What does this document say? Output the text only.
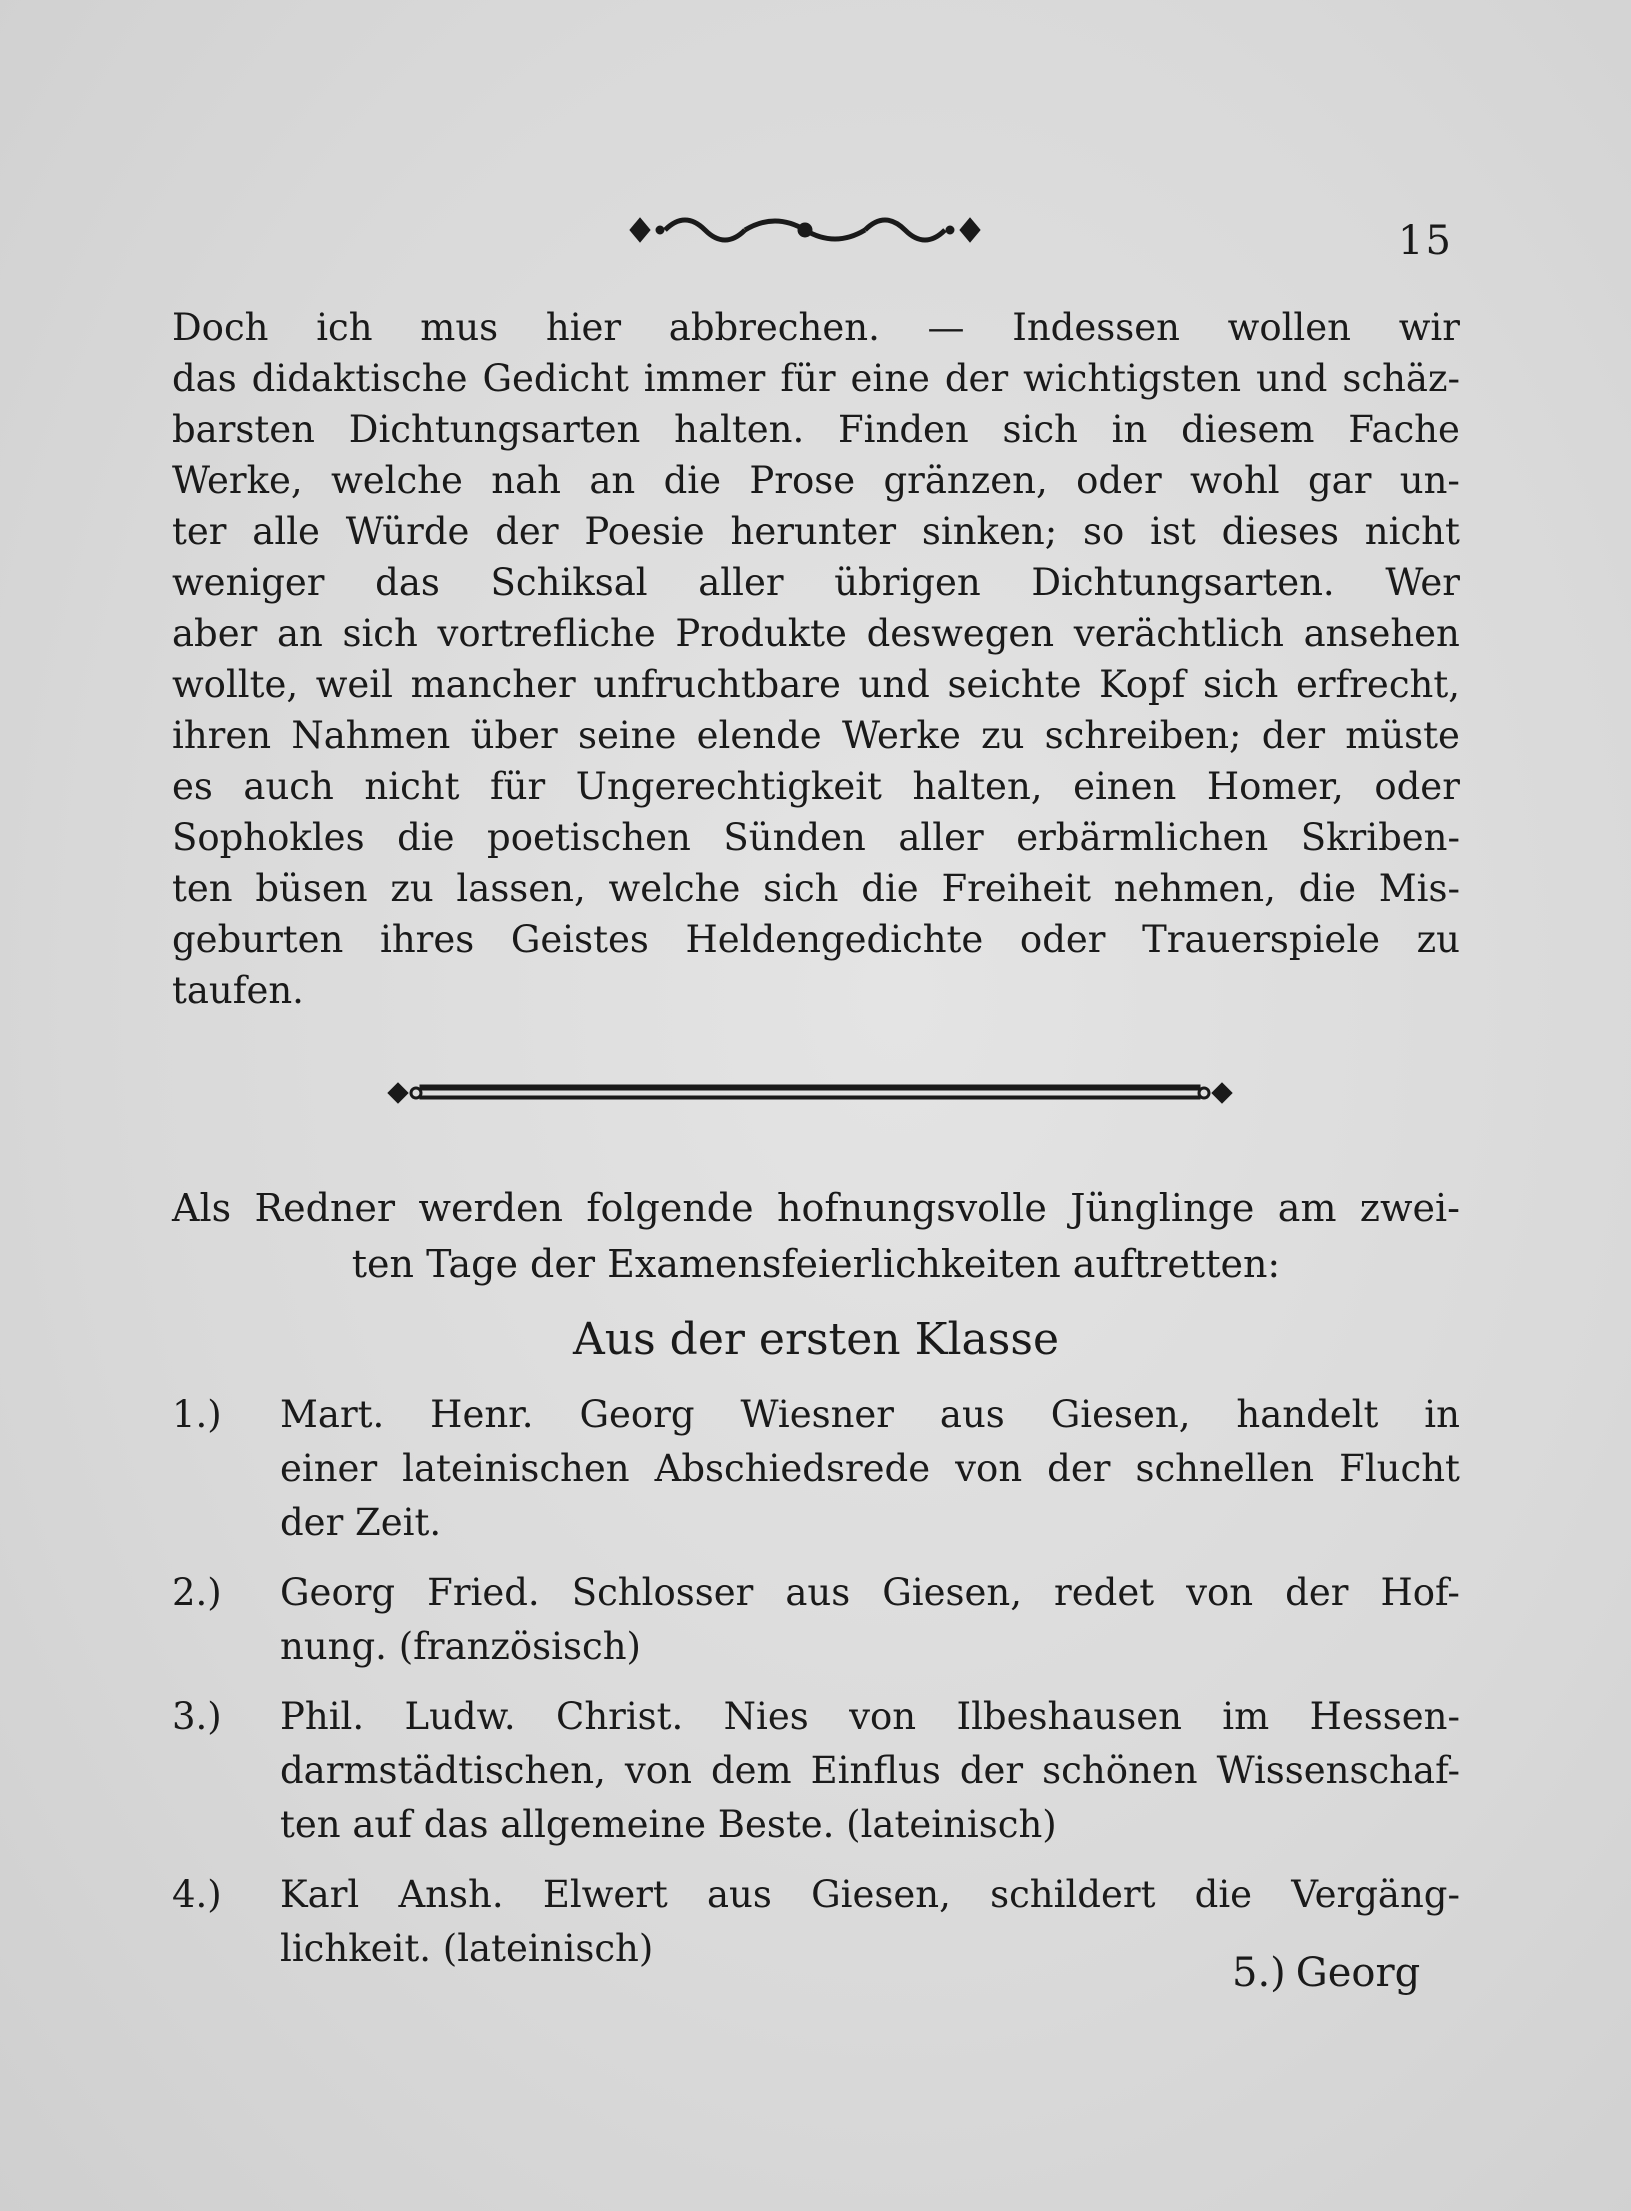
15
Doch ich mus hier abbrechen. — Indessen wollen wir
das didaktische Gedicht immer für eine der wichtigsten und schäz-
barsten Dichtungsarten halten. Finden sich in diesem Fache
Werke, welche nah an die Prose gränzen, oder wohl gar un-
ter alle Würde der Poesie herunter sinken; so ist dieses nicht
weniger das Schiksal aller übrigen Dichtungsarten. Wer
aber an sich vortrefliche Produkte deswegen verächtlich ansehen
wollte, weil mancher unfruchtbare und seichte Kopf sich erfrecht,
ihren Nahmen über seine elende Werke zu schreiben; der müste
es auch nicht für Ungerechtigkeit halten, einen Homer, oder
Sophokles die poetischen Sünden aller erbärmlichen Skriben-
ten büsen zu lassen, welche sich die Freiheit nehmen, die Mis-
geburten ihres Geistes Heldengedichte oder Trauerspiele zu
taufen.
Als Redner werden folgende hofnungsvolle Jünglinge am zwei-
ten Tage der Examensfeierlichkeiten auftretten:
Aus der ersten Klasse
1.)	Mart. Henr. Georg Wiesner aus Giesen, handelt in
einer lateinischen Abschiedsrede von der schnellen Flucht
der Zeit.
2.)	Georg Fried. Schlosser aus Giesen, redet von der Hof-
nung. (französisch)
3.)	Phil. Ludw. Christ. Nies von Ilbeshausen im Hessen-
darmstädtischen, von dem Einflus der schönen Wissenschaf-
ten auf das allgemeine Beste. (lateinisch)
4.)	Karl Ansh. Elwert aus Giesen, schildert die Vergäng-
lichkeit. (lateinisch)
5.) Georg
